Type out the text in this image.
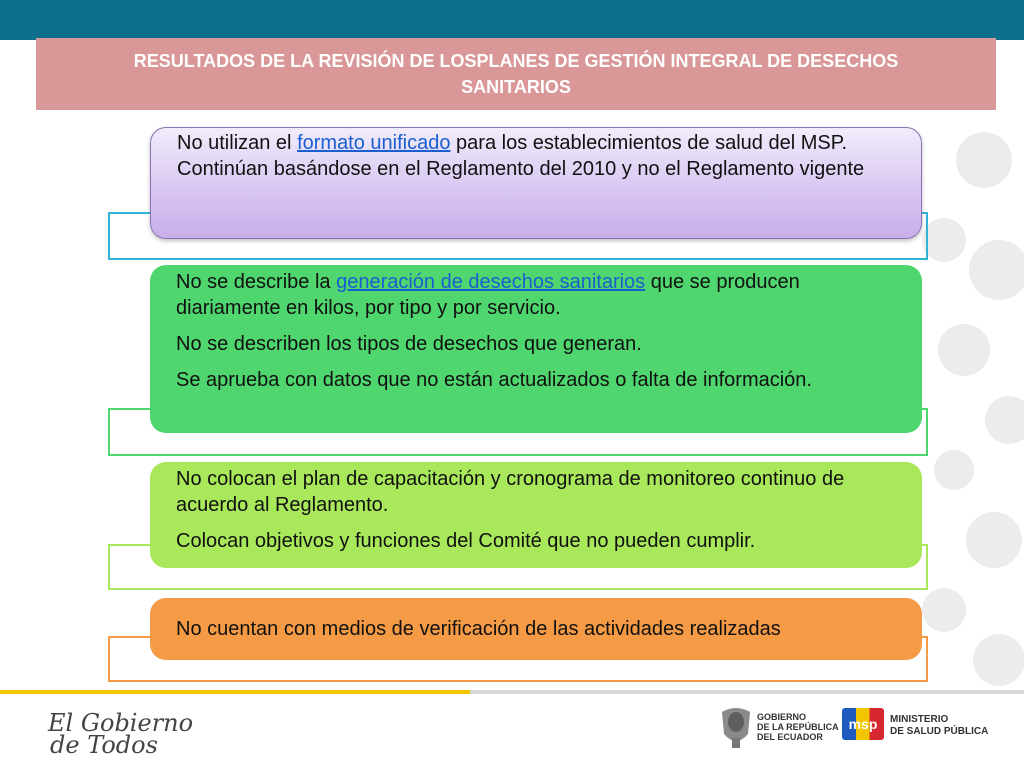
RESULTADOS DE LA REVISIÓN DE LOSPLANES DE GESTIÓN INTEGRAL DE DESECHOS
SANITARIOS

No utilizan el formato unificado para los establecimientos de salud del MSP.

Continúan basándose en el Reglamento del 2010 y no el Reglamento vigente

No se describe la generación de desechos sanitarios que se producen diariamente en kilos, por tipo y por servicio.

No se describen los tipos de desechos que generan.

Se aprueba con datos que no están actualizados o falta de información.

No colocan el plan de capacitación y cronograma de monitoreo continuo de acuerdo al Reglamento.

Colocan objetivos y funciones del Comité que no pueden cumplir.

No cuentan con medios de verificación de las actividades realizadas

El Gobierno
de Todos
GOBIERNO
DE LA REPÚBLICA
DEL ECUADOR
msp MINISTERIO
DE SALUD PÚBLICA
